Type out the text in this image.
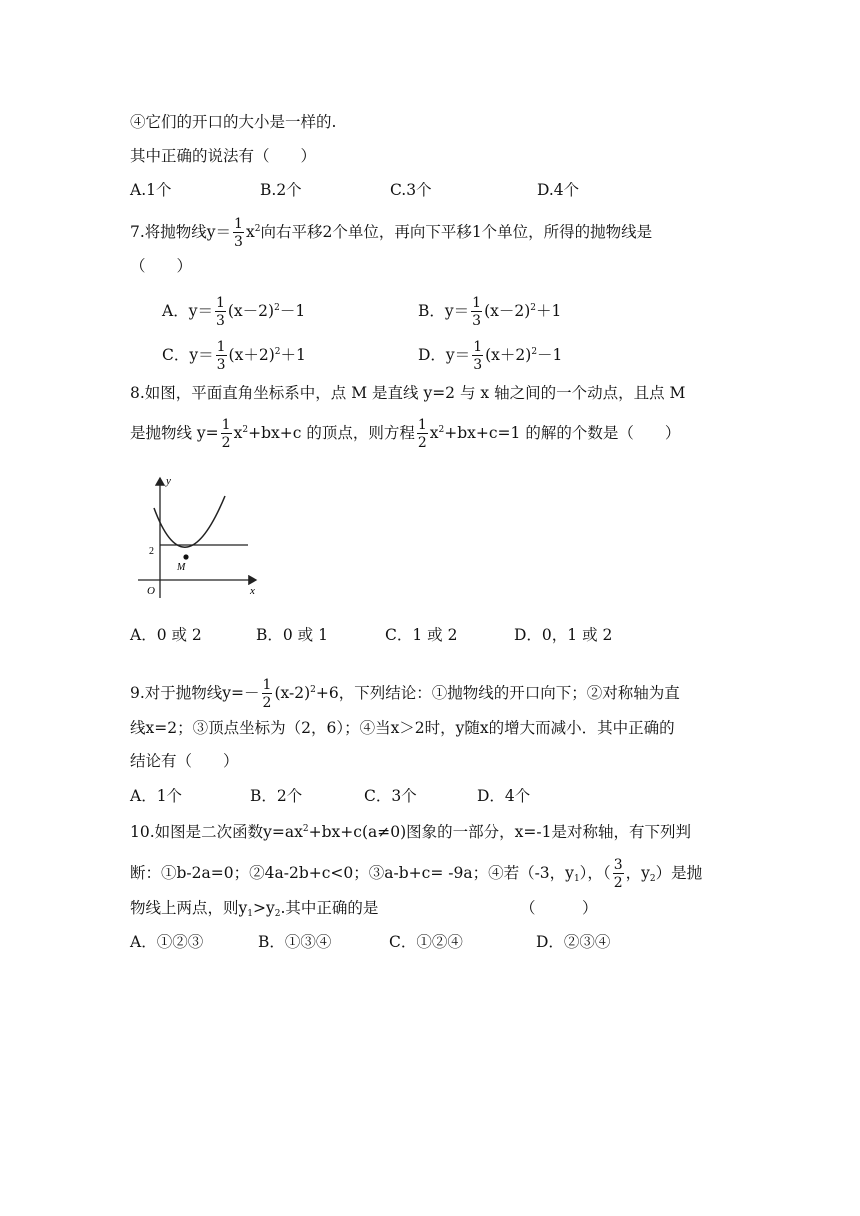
④它们的开口的大小是一样的.
其中正确的说法有（　　）
A.1个	B.2个	C.3个	D.4个
7.将抛物线$y= \frac{1}{3} x^2$向右平移2个单位，再向下平移1个单位，所得的抛物线是
（　　）
A．$y= \frac{1}{3} (x-2)^2-1$	B．$y= \frac{1}{3} (x-2)^2+1$
C．$y= \frac{1}{3} (x+2)^2+1$	D．$y= \frac{1}{3} (x+2)^2-1$
8.如图，平面直角坐标系中，点 M 是直线 y=2 与 x 轴之间的一个动点，且点 M
是抛物线 $y= \frac{1}{2} x^2+bx+c$ 的顶点，则方程 $\frac{1}{2} x^2+bx+c=1$ 的解的个数是（　　）
y
x
O
2
M
A．0 或 2	B．0 或 1	C．1 或 2	D．0，1 或 2
9.对于抛物线$y=- \frac{1}{2} (x-2)^2+6$，下列结论：①抛物线的开口向下；②对称轴为直
线x=2；③顶点坐标为（2，6）；④当x＞2时，y随x的增大而减小．其中正确的
结论有（　　）
A．1个	B．2个	C．3个	D．4个
10.如图是二次函数$y=ax^2+bx+c(a\ne 0)$图象的一部分，x=-1是对称轴，有下列判
断：①b-2a=0；②4a-2b+c<0；③a-b+c= -9a；④若（-3，$y_1$），（ $\frac{3}{2}$ ，$y_2$）是抛
物线上两点，则$y_1>y_2$.其中正确的是	（　　　）
A．①②③	B．①③④	C．①②④	D．②③④
